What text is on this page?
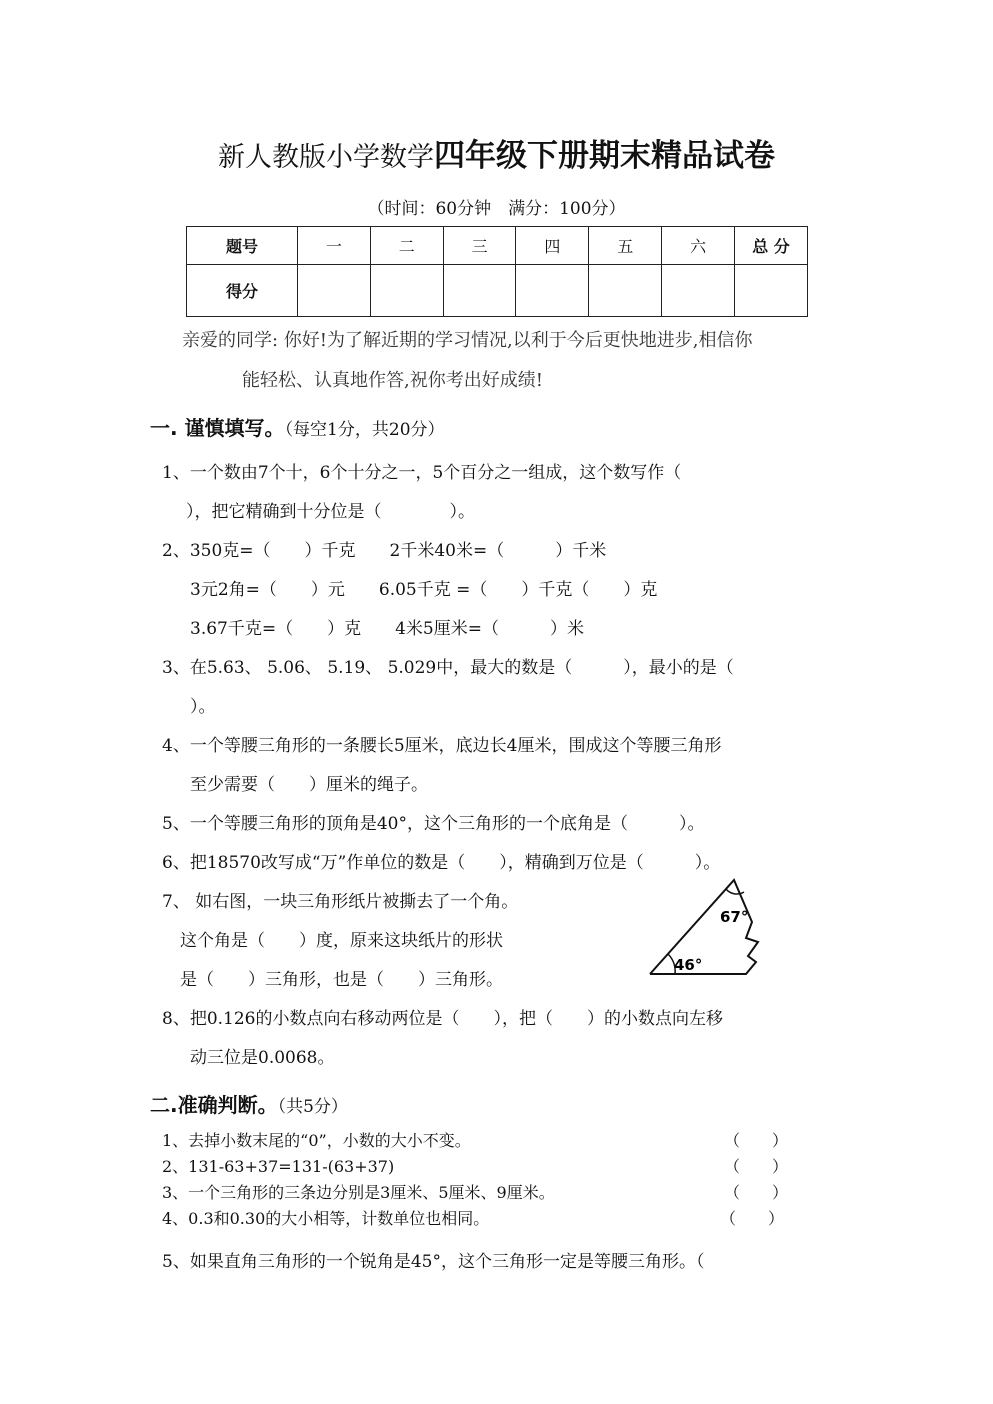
新人教版小学数学四年级下册期末精品试卷
（时间：60分钟　满分：100分）
题号	一	二	三	四	五	六	总 分
得分							
亲爱的同学: 你好!为了解近期的学习情况,以利于今后更快地进步,相信你
能轻松、认真地作答,祝你考出好成绩!
一. 谨慎填写。（每空1分，共20分）
1、一个数由7个十，6个十分之一，5个百分之一组成，这个数写作（
），把它精确到十分位是（　　　　）。
2、350克=（　　）千克　　2千米40米=（　　　）千米
3元2角=（　　）元　　6.05千克 =（　　）千克（　　）克
3.67千克=（　　）克　　4米5厘米=（　　　）米
3、在5.63、 5.06、 5.19、 5.029中，最大的数是（　　　），最小的是（
）。
4、一个等腰三角形的一条腰长5厘米，底边长4厘米，围成这个等腰三角形
至少需要（　　）厘米的绳子。
5、一个等腰三角形的顶角是40°，这个三角形的一个底角是（　　　）。
6、把18570改写成“万”作单位的数是（　　），精确到万位是（　　　）。
7、 如右图，一块三角形纸片被撕去了一个角。
这个角是（　　）度，原来这块纸片的形状
是（　　）三角形，也是（　　）三角形。
8、把0.126的小数点向右移动两位是（　　），把（　　）的小数点向左移
动三位是0.0068。
67°
46°
二.准确判断。（共5分）
1、去掉小数末尾的“0”，小数的大小不变。	（　　）
2、131-63+37=131-(63+37)	（　　）
3、一个三角形的三条边分别是3厘米、5厘米、9厘米。	（　　）
4、0.3和0.30的大小相等，计数单位也相同。	（　　）
5、如果直角三角形的一个锐角是45°，这个三角形一定是等腰三角形。（
